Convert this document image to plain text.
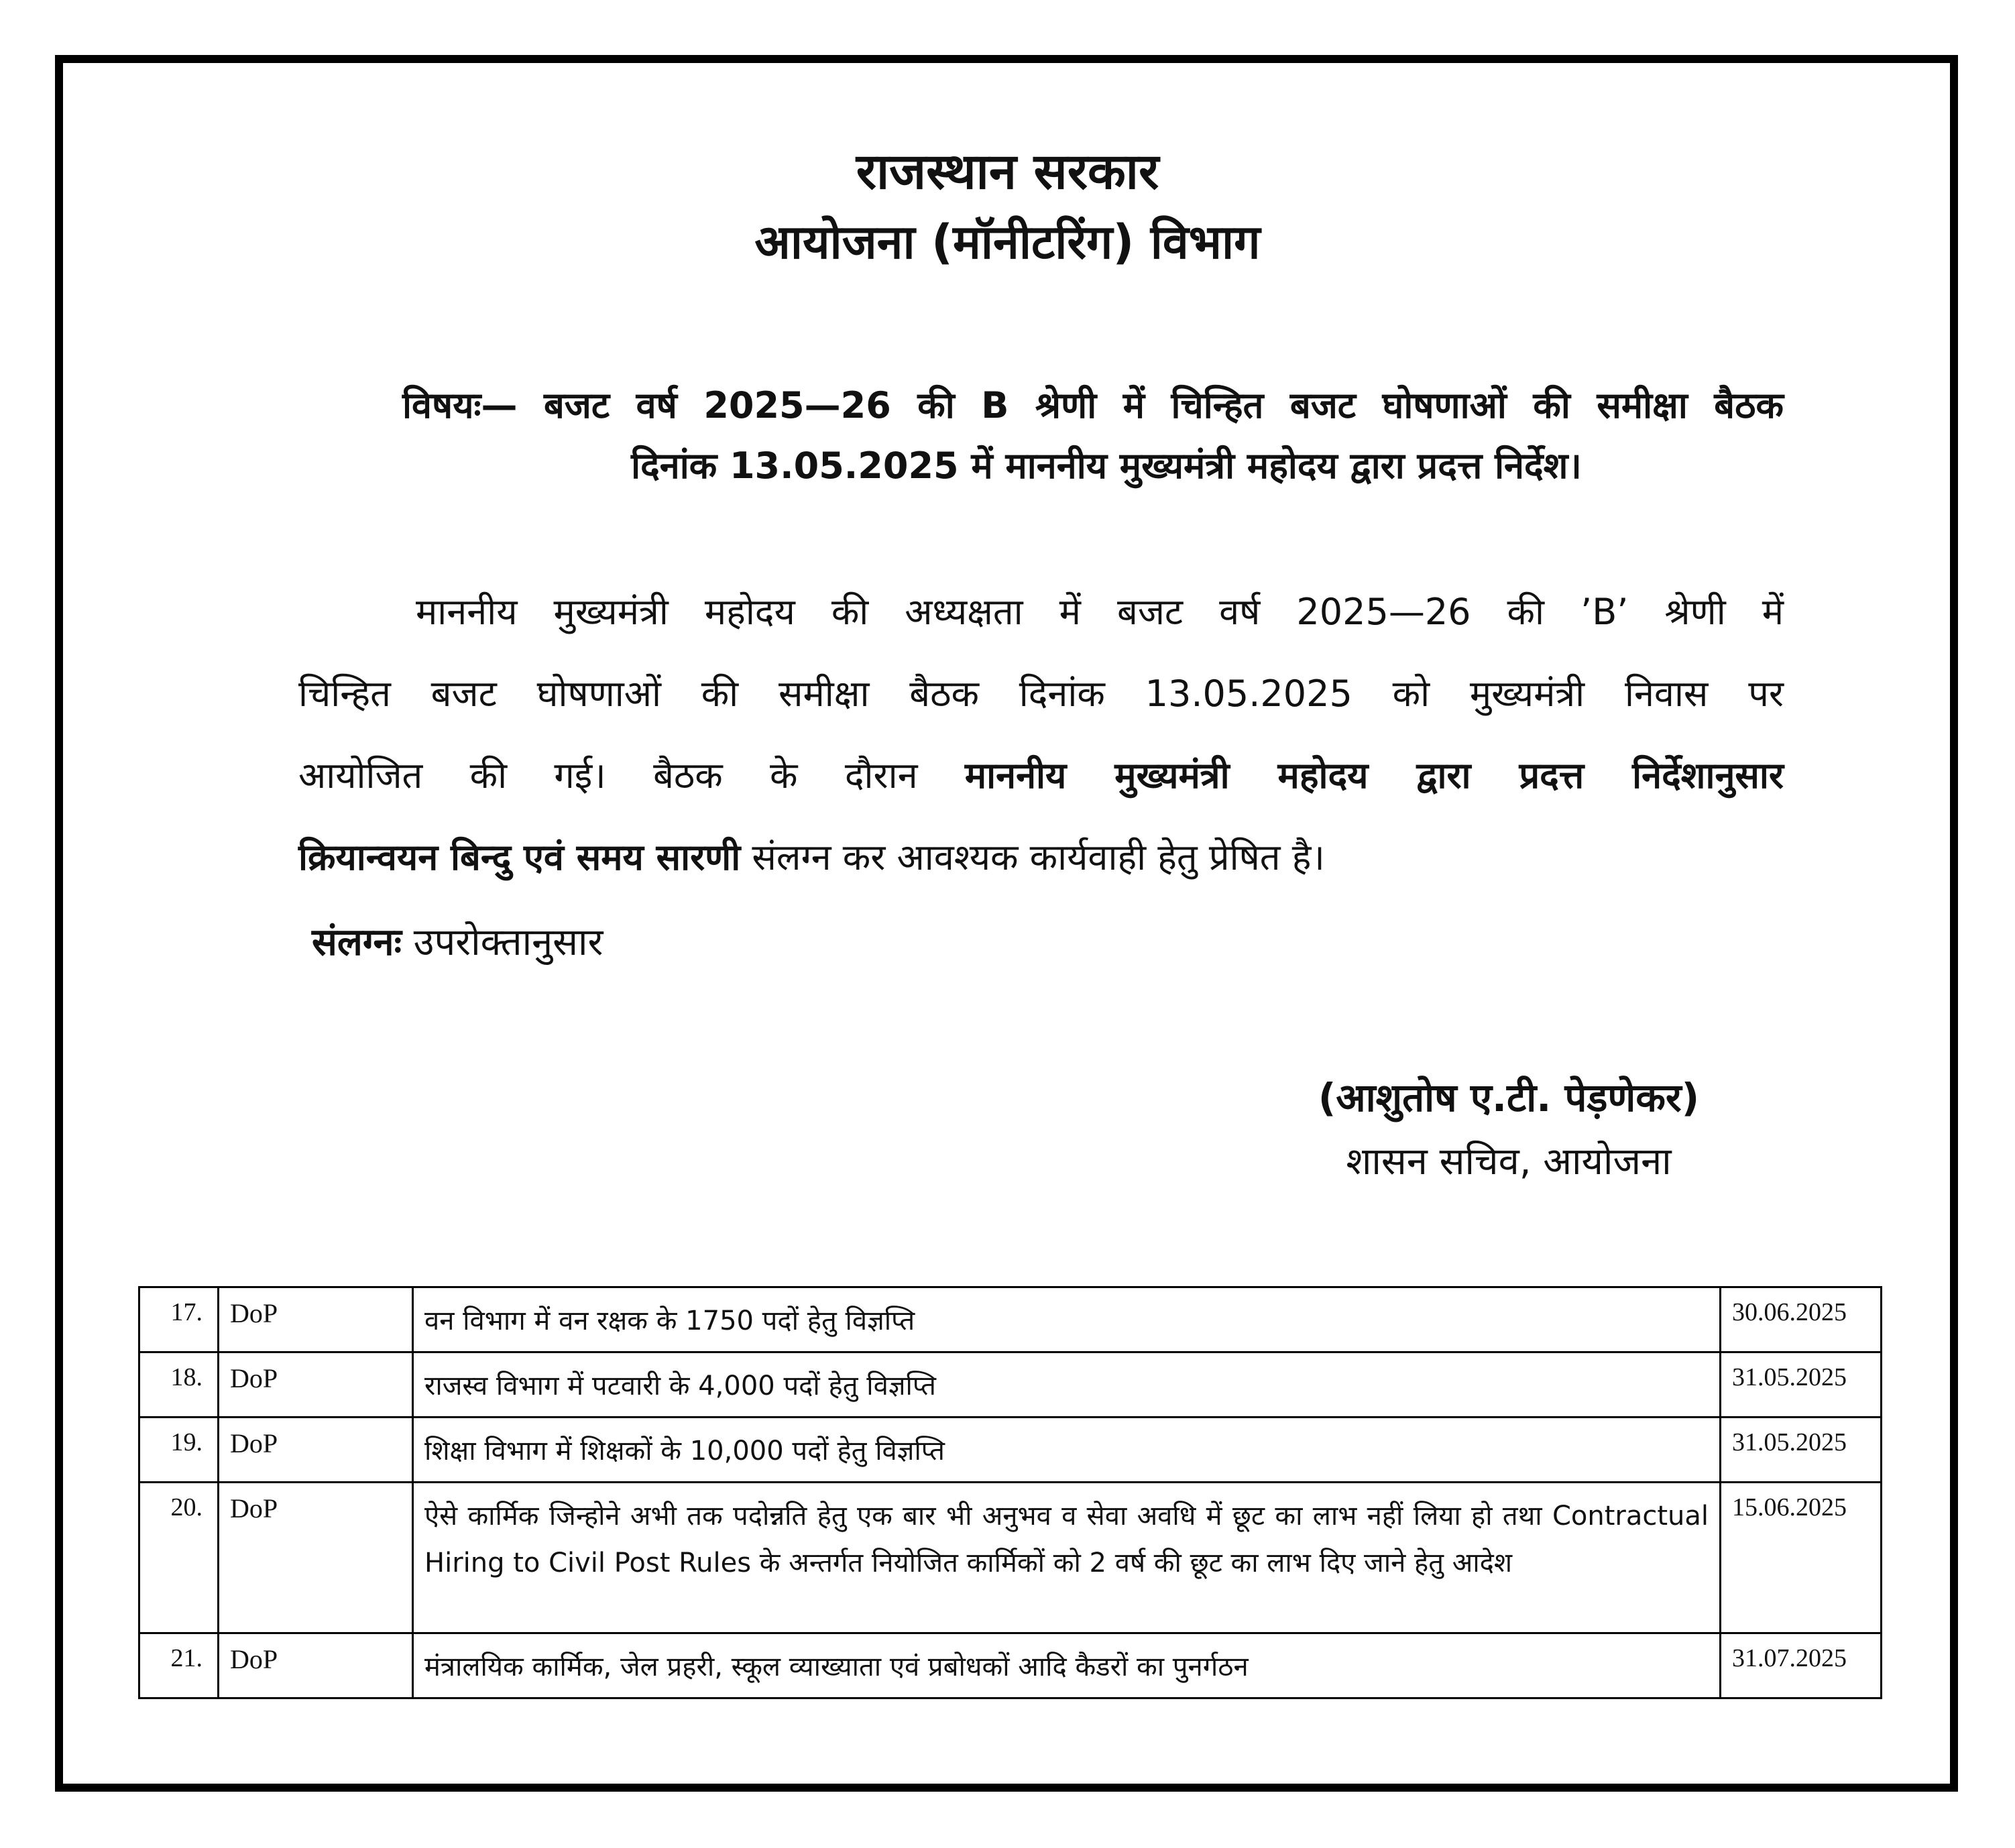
राजस्थान सरकार
आयोजना (मॉनीटरिंग) विभाग
विषयः— बजट वर्ष 2025—26 की B श्रेणी में चिन्हित बजट घोषणाओं की समीक्षा बैठक
दिनांक 13.05.2025 में माननीय मुख्यमंत्री महोदय द्वारा प्रदत्त निर्देश।
माननीय मुख्यमंत्री महोदय की अध्यक्षता में बजट वर्ष 2025—26 की ’B’ श्रेणी में
चिन्हित बजट घोषणाओं की समीक्षा बैठक दिनांक 13.05.2025 को मुख्यमंत्री निवास पर
आयोजित की गई। बैठक के दौरान माननीय मुख्यमंत्री महोदय द्वारा प्रदत्त निर्देशानुसार
क्रियान्वयन बिन्दु एवं समय सारणी संलग्न कर आवश्यक कार्यवाही हेतु प्रेषित है।
संलग्नः उपरोक्तानुसार
(आशुतोष ए.टी. पेड़णेकर)
शासन सचिव, आयोजना
17.	DoP	वन विभाग में वन रक्षक के 1750 पदों हेतु विज्ञप्ति	30.06.2025
18.	DoP	राजस्व विभाग में पटवारी के 4,000 पदों हेतु विज्ञप्ति	31.05.2025
19.	DoP	शिक्षा विभाग में शिक्षकों के 10,000 पदों हेतु विज्ञप्ति	31.05.2025
20.	DoP	ऐसे कार्मिक जिन्होने अभी तक पदोन्नति हेतु एक बार भी अनुभव व सेवा अवधि में छूट का लाभ नहीं लिया हो तथा Contractual Hiring to Civil Post Rules के अन्तर्गत नियोजित कार्मिकों को 2 वर्ष की छूट का लाभ दिए जाने हेतु आदेश	15.06.2025
21.	DoP	मंत्रालयिक कार्मिक, जेल प्रहरी, स्कूल व्याख्याता एवं प्रबोधकों आदि कैडरों का पुनर्गठन	31.07.2025
